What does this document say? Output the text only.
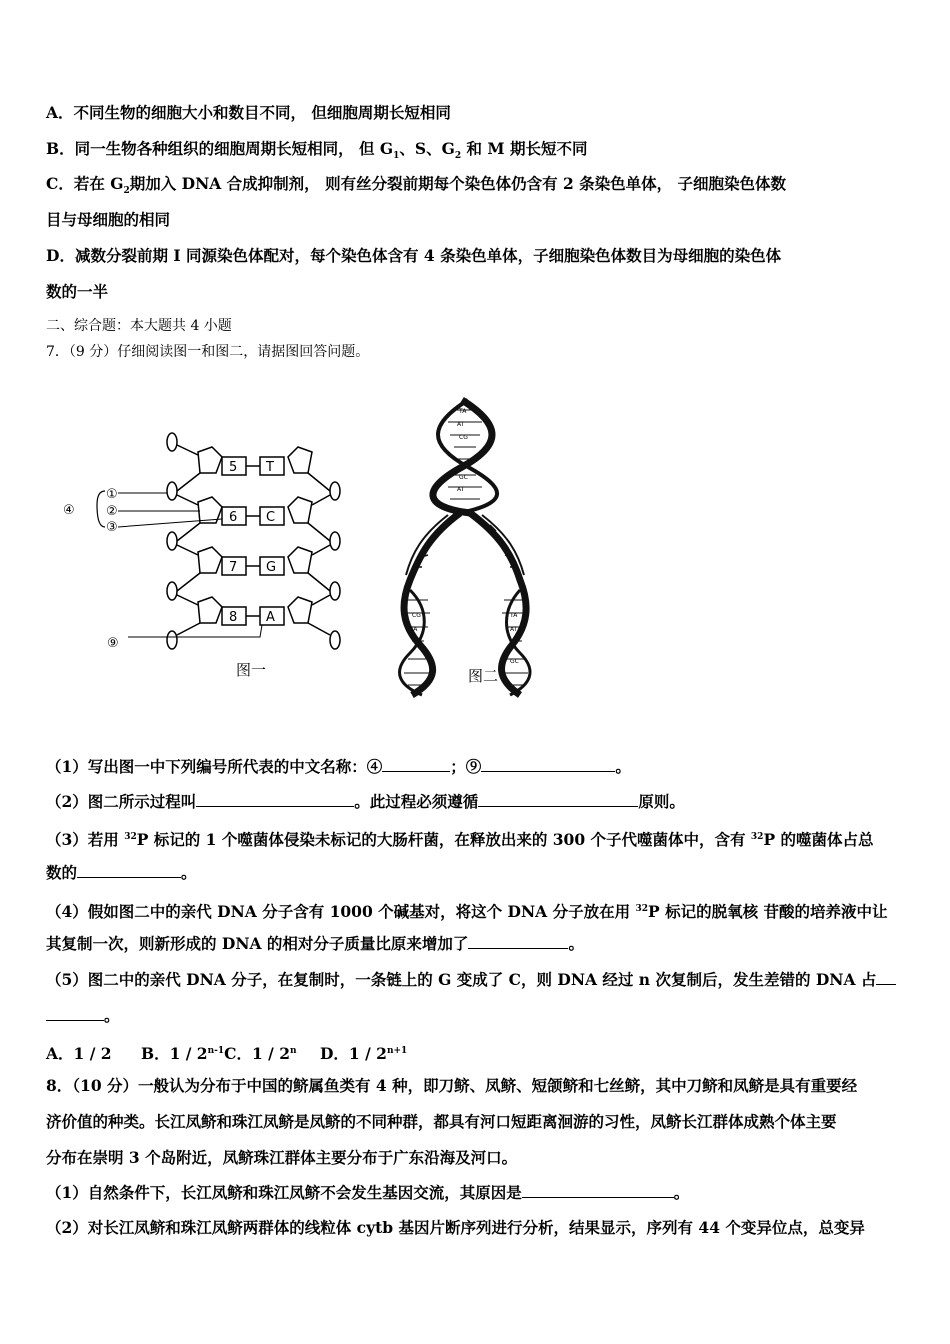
A．不同生物的细胞大小和数目不同， 但细胞周期长短相同
B．同一生物各种组织的细胞周期长短相同， 但 $G_1$、S、$G_2$ 和 M 期长短不同
C．若在 $G_2$期加入 DNA 合成抑制剂， 则有丝分裂前期每个染色体仍含有 2 条染色单体， 子细胞染色体数
目与母细胞的相同
D．减数分裂前期 I 同源染色体配对，每个染色体含有 4 条染色单体，子细胞染色体数目为母细胞的染色体
数的一半
二、综合题：本大题共 4 小题
7．（9 分）仔细阅读图一和图二，请据图回答问题。
④
①
②
③
⑨
5
6
7
8
T
C
G
A
图一
TA
AT
CG
GC
AT
CG
TA
TA
AT
GC
图二
（1）写出图一中下列编号所代表的中文名称：④	；⑨	。
（2）图二所示过程叫	。此过程必须遵循	原则。
（3）若用 $^{32}$P 标记的 1 个噬菌体侵染未标记的大肠杆菌，在释放出来的 300 个子代噬菌体中，含有 $^{32}$P 的噬菌体占总
数的	。
（4）假如图二中的亲代 DNA 分子含有 1000 个碱基对，将这个 DNA 分子放在用 $^{32}$P 标记的脱氧核 苷酸的培养液中让
其复制一次，则新形成的 DNA 的相对分子质量比原来增加了	。
（5）图二中的亲代 DNA 分子，在复制时，一条链上的 G 变成了 C，则 DNA 经过 n 次复制后，发生差错的 DNA 占
。
A．1 / 2 B．1 / 2$^{n-1}$C．1 / 2$^n$ D．$1 / 2^{n+1}$
8．（10 分）一般认为分布于中国的鲚属鱼类有 4 种，即刀鲚、凤鲚、短颌鲚和七丝鲚，其中刀鲚和凤鲚是具有重要经
济价值的种类。长江凤鲚和珠江凤鲚是凤鲚的不同种群，都具有河口短距离洄游的习性，凤鲚长江群体成熟个体主要
分布在崇明 3 个岛附近，凤鲚珠江群体主要分布于广东沿海及河口。
（1）自然条件下，长江凤鲚和珠江凤鲚不会发生基因交流，其原因是	。
（2）对长江凤鲚和珠江凤鲚两群体的线粒体 cytb 基因片断序列进行分析，结果显示，序列有 44 个变异位点，总变异
